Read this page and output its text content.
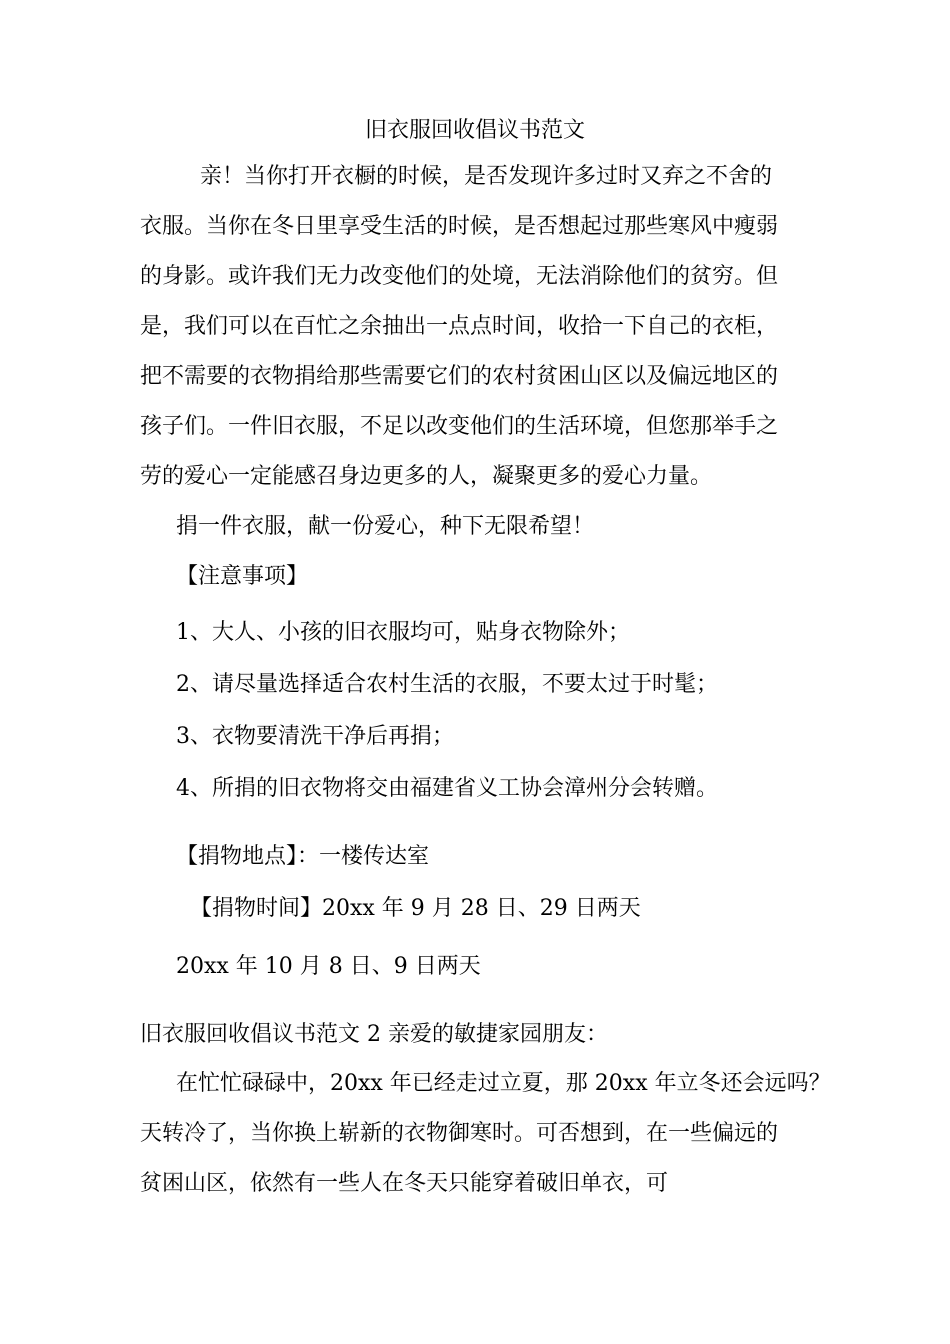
旧衣服回收倡议书范文
亲！当你打开衣橱的时候，是否发现许多过时又弃之不舍的
衣服。当你在冬日里享受生活的时候，是否想起过那些寒风中瘦弱
的身影。或许我们无力改变他们的处境，无法消除他们的贫穷。但
是，我们可以在百忙之余抽出一点点时间，收拾一下自己的衣柜，
把不需要的衣物捐给那些需要它们的农村贫困山区以及偏远地区的
孩子们。一件旧衣服，不足以改变他们的生活环境，但您那举手之
劳的爱心一定能感召身边更多的人，凝聚更多的爱心力量。
捐一件衣服，献一份爱心，种下无限希望！
【注意事项】
1、大人、小孩的旧衣服均可，贴身衣物除外；
2、请尽量选择适合农村生活的衣服，不要太过于时髦；
3、衣物要清洗干净后再捐；
4、所捐的旧衣物将交由福建省义工协会漳州分会转赠。
【捐物地点】：一楼传达室
【捐物时间】20xx 年 9 月 28 日、29 日两天
20xx 年 10 月 8 日、9 日两天
旧衣服回收倡议书范文 2 亲爱的敏捷家园朋友：
在忙忙碌碌中，20xx 年已经走过立夏，那 20xx 年立冬还会远吗？
天转冷了，当你换上崭新的衣物御寒时。可否想到，在一些偏远的
贫困山区，依然有一些人在冬天只能穿着破旧单衣，可
